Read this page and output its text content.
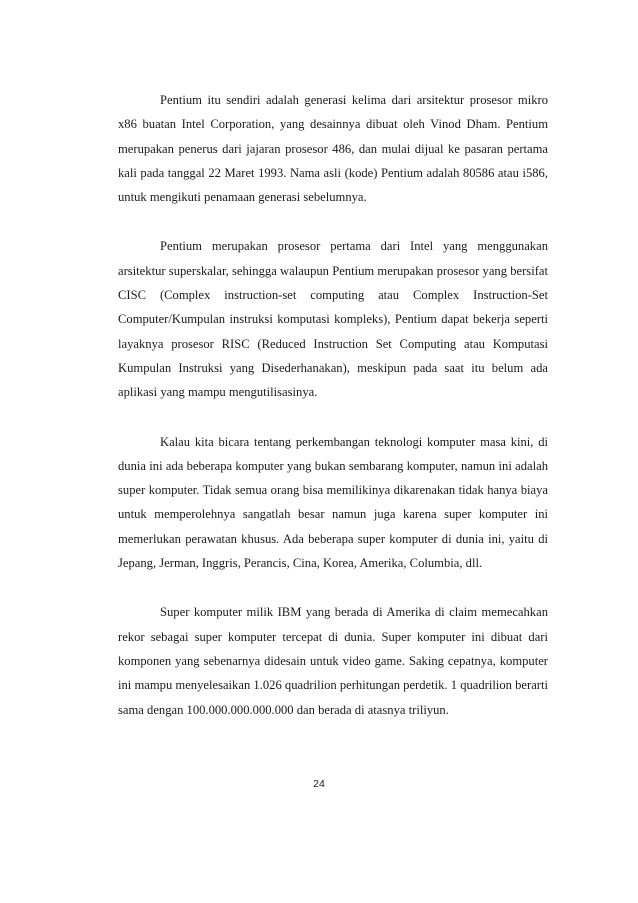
Pentium itu sendiri adalah generasi kelima dari arsitektur prosesor mikro x86 buatan Intel Corporation, yang desainnya dibuat oleh Vinod Dham. Pentium merupakan penerus dari jajaran prosesor 486, dan mulai dijual ke pasaran pertama kali pada tanggal 22 Maret 1993. Nama asli (kode) Pentium adalah 80586 atau i586, untuk mengikuti penamaan generasi sebelumnya.

Pentium merupakan prosesor pertama dari Intel yang menggunakan arsitektur superskalar, sehingga walaupun Pentium merupakan prosesor yang bersifat CISC (Complex instruction-set computing atau Complex Instruction-Set Computer/Kumpulan instruksi komputasi kompleks), Pentium dapat bekerja seperti layaknya prosesor RISC (Reduced Instruction Set Computing atau Komputasi Kumpulan Instruksi yang Disederhanakan), meskipun pada saat itu belum ada aplikasi yang mampu mengutilisasinya.

Kalau kita bicara tentang perkembangan teknologi komputer masa kini, di dunia ini ada beberapa komputer yang bukan sembarang komputer, namun ini adalah super komputer. Tidak semua orang bisa memilikinya dikarenakan tidak hanya biaya untuk memperolehnya sangatlah besar namun juga karena super komputer ini memerlukan perawatan khusus. Ada beberapa super komputer di dunia ini, yaitu di Jepang, Jerman, Inggris, Perancis, Cina, Korea, Amerika, Columbia, dll.

Super komputer milik IBM yang berada di Amerika di claim memecahkan rekor sebagai super komputer tercepat di dunia. Super komputer ini dibuat dari komponen yang sebenarnya didesain untuk video game. Saking cepatnya, komputer ini mampu menyelesaikan 1.026 quadrilion perhitungan perdetik. 1 quadrilion berarti sama dengan 100.000.000.000.000 dan berada di atasnya triliyun.

24
